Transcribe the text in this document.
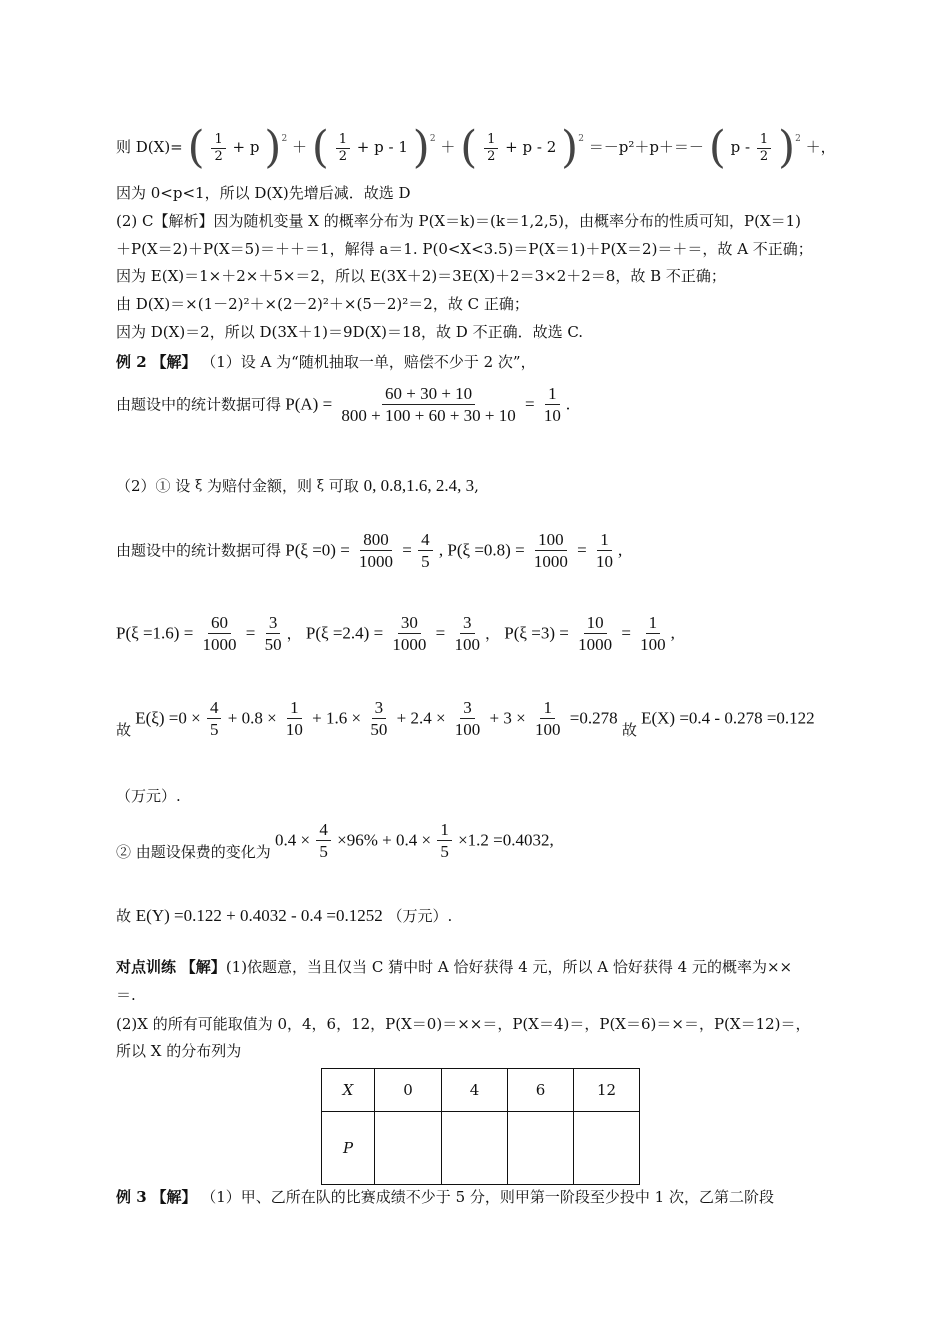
则 D(X)= ( $\frac{1}{2} + p$ )$^2$ ＋ ( $\frac{1}{2} + p - 1$ )$^2$ ＋ ( $\frac{1}{2} + p - 2$ )$^2$ ＝－p²＋p＋＝－ ( p - $\frac{1}{2} )^2$ ＋，
因为 0<p<1，所以 D(X)先增后减．故选 D
(2) C【解析】因为随机变量 X 的概率分布为 P(X＝k)＝(k＝1,2,5)，由概率分布的性质可知，P(X＝1)
＋P(X＝2)＋P(X＝5)＝＋＋＝1，解得 a＝1. P(0<X<3.5)＝P(X＝1)＋P(X＝2)＝＋＝，故 A 不正确；
因为 E(X)＝1×＋2×＋5×＝2，所以 E(3X＋2)＝3E(X)＋2＝3×2＋2＝8，故 B 不正确；
由 D(X)＝×(1－2)²＋×(2－2)²＋×(5－2)²＝2，故 C 正确；
因为 D(X)＝2，所以 D(3X＋1)＝9D(X)＝18，故 D 不正确．故选 C.
例 2 【解】 （1）设 A 为“随机抽取一单，赔偿不少于 2 次”，
由题设中的统计数据可得 $P(A) = \frac{60 + 30 + 10}{800 + 100 + 60 + 30 + 10} = \frac{1}{10}$ .
（2）① 设 ξ 为赔付金额，则 ξ 可取 0, 0.8,1.6, 2.4, 3,
由题设中的统计数据可得 $P(\xi =0) = \frac{800}{1000} = \frac{4}{5}$ , $P(\xi =0.8) = \frac{100}{1000} = \frac{1}{10}$ ,
$P(\xi =1.6) = \frac{60}{1000} = \frac{3}{50}$ ， $P(\xi =2.4) = \frac{30}{1000} = \frac{3}{100}$ ， $P(\xi =3) = \frac{10}{1000} = \frac{1}{100}$ ,
故 $E(\xi) =0 \times \frac{4}{5} + 0.8 \times \frac{1}{10} + 1.6 \times \frac{3}{50} + 2.4 \times \frac{3}{100} + 3 \times \frac{1}{100} =0.278$ 故 E(X) =0.4 - 0.278 =0.122
（万元）.
② 由题设保费的变化为 $0.4 \times \frac{4}{5} \times 96\% + 0.4 \times \frac{1}{5} \times 1.2 =0.4032$,
故 E(Y) =0.122 + 0.4032 - 0.4 =0.1252 （万元）.
对点训练 【解】(1)依题意，当且仅当 C 猜中时 A 恰好获得 4 元，所以 A 恰好获得 4 元的概率为××
＝.
(2)X 的所有可能取值为 0，4，6，12，P(X＝0)＝××＝，P(X＝4)＝，P(X＝6)＝×＝，P(X＝12)＝，
所以 X 的分布列为
X	0	4	6	12
P				
例 3 【解】 （1）甲、乙所在队的比赛成绩不少于 5 分，则甲第一阶段至少投中 1 次，乙第二阶段
